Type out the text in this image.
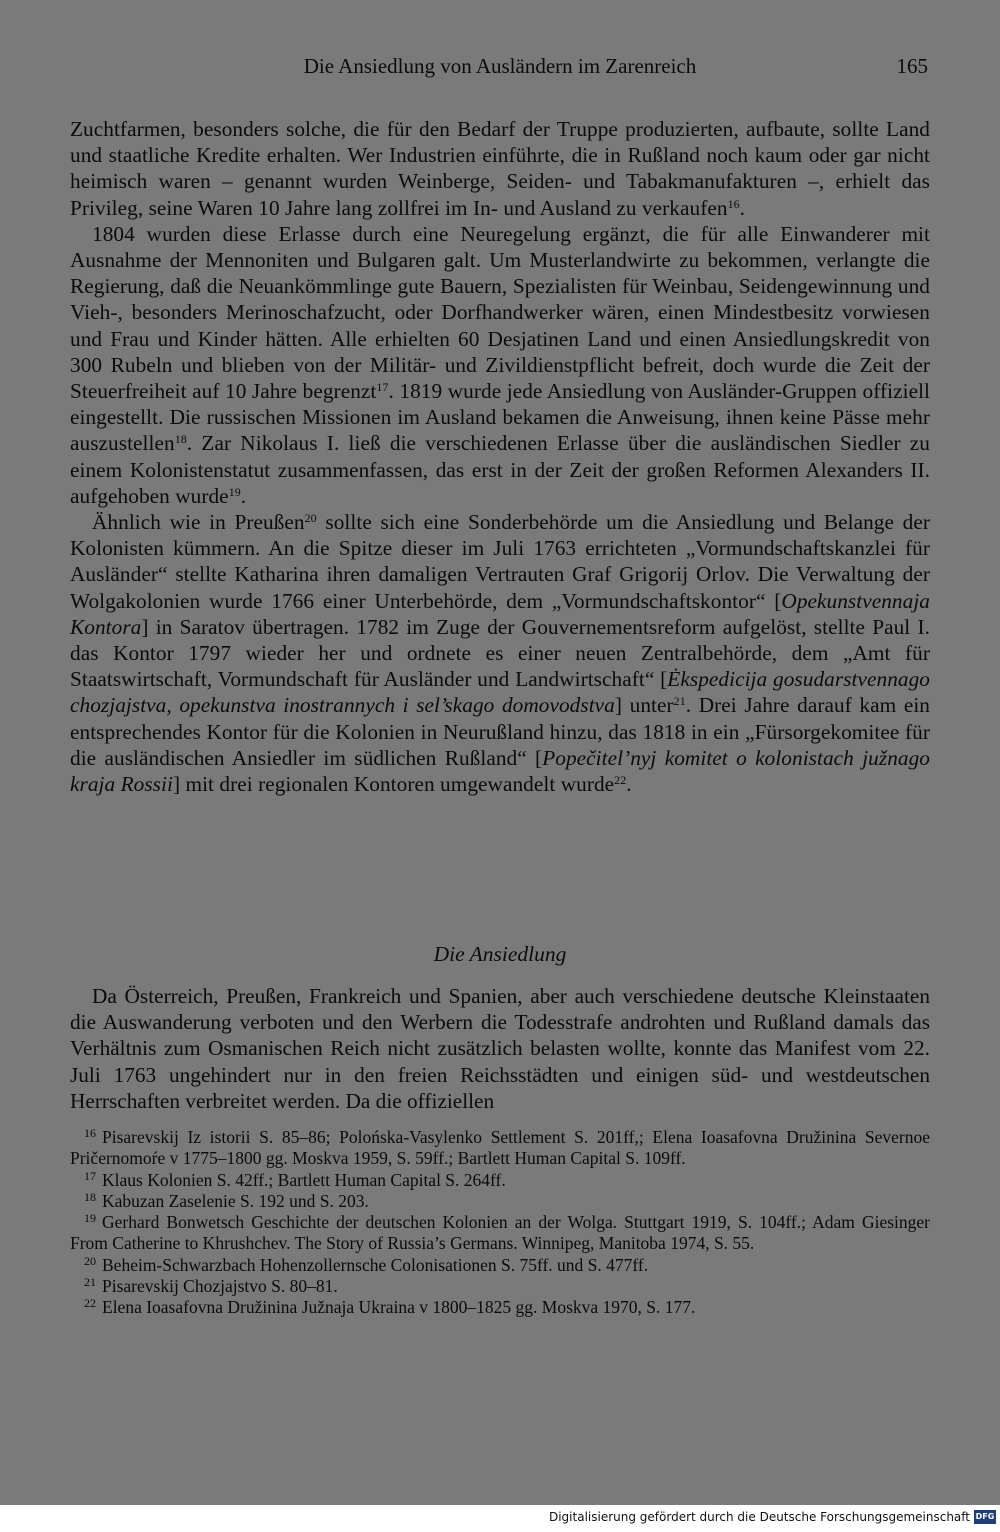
Die Ansiedlung von Ausländern im Zarenreich	165

Zuchtfarmen, besonders solche, die für den Bedarf der Truppe produzierten, aufbaute, sollte Land und staatliche Kredite erhalten. Wer Industrien einführte, die in Rußland noch kaum oder gar nicht heimisch waren – genannt wurden Weinberge, Seiden- und Tabakmanufakturen –, erhielt das Privileg, seine Waren 10 Jahre lang zollfrei im In- und Ausland zu verkaufen$^{16}$.

1804 wurden diese Erlasse durch eine Neuregelung ergänzt, die für alle Einwanderer mit Ausnahme der Mennoniten und Bulgaren galt. Um Musterlandwirte zu bekommen, verlangte die Regierung, daß die Neuankömmlinge gute Bauern, Spezialisten für Weinbau, Seidengewinnung und Vieh-, besonders Merinoschafzucht, oder Dorfhandwerker wären, einen Mindestbesitz vorwiesen und Frau und Kinder hätten. Alle erhielten 60 Desjatinen Land und einen Ansiedlungskredit von 300 Rubeln und blieben von der Militär- und Zivildienstpflicht befreit, doch wurde die Zeit der Steuerfreiheit auf 10 Jahre begrenzt$^{17}$. 1819 wurde jede Ansiedlung von Ausländer-Gruppen offiziell eingestellt. Die russischen Missionen im Ausland bekamen die Anweisung, ihnen keine Pässe mehr auszustellen$^{18}$. Zar Nikolaus I. ließ die verschiedenen Erlasse über die ausländischen Siedler zu einem Kolonistenstatut zusammenfassen, das erst in der Zeit der großen Reformen Alexanders II. aufgehoben wurde$^{19}$.

Ähnlich wie in Preußen$^{20}$ sollte sich eine Sonderbehörde um die Ansiedlung und Belange der Kolonisten kümmern. An die Spitze dieser im Juli 1763 errichteten „Vormundschaftskanzlei für Ausländer“ stellte Katharina ihren damaligen Vertrauten Graf Grigorij Orlov. Die Verwaltung der Wolgakolonien wurde 1766 einer Unterbehörde, dem „Vormundschaftskontor“ [Opekunstvennaja Kontora] in Saratov übertragen. 1782 im Zuge der Gouvernementsreform aufgelöst, stellte Paul I. das Kontor 1797 wieder her und ordnete es einer neuen Zentralbehörde, dem „Amt für Staatswirtschaft, Vormundschaft für Ausländer und Landwirtschaft“ [Ėkspedicija gosudarstvennago chozjajstva, opekunstva inostrannych i sel’skago domovodstva] unter$^{21}$. Drei Jahre darauf kam ein entsprechendes Kontor für die Kolonien in Neurußland hinzu, das 1818 in ein „Fürsorgekomitee für die ausländischen Ansiedler im südlichen Rußland“ [Popečitel’nyj komitet o kolonistach južnago kraja Rossii] mit drei regionalen Kontoren umgewandelt wurde$^{22}$.

Die Ansiedlung

Da Österreich, Preußen, Frankreich und Spanien, aber auch verschiedene deutsche Kleinstaaten die Auswanderung verboten und den Werbern die Todesstrafe androhten und Rußland damals das Verhältnis zum Osmanischen Reich nicht zusätzlich belasten wollte, konnte das Manifest vom 22. Juli 1763 ungehindert nur in den freien Reichsstädten und einigen süd- und westdeutschen Herrschaften verbreitet werden. Da die offiziellen

16 Pisarevskij Iz istorii S. 85–86; Polońska-Vasylenko Settlement S. 201ff,; Elena Ioasafovna Družinina Severnoe Pričernomoŕe v 1775–1800 gg. Moskva 1959, S. 59ff.; Bartlett Human Capital S. 109ff.

17 Klaus Kolonien S. 42ff.; Bartlett Human Capital S. 264ff.

18 Kabuzan Zaselenie S. 192 und S. 203.

19 Gerhard Bonwetsch Geschichte der deutschen Kolonien an der Wolga. Stuttgart 1919, S. 104ff.; Adam Giesinger From Catherine to Khrushchev. The Story of Russia’s Germans. Winnipeg, Manitoba 1974, S. 55.

20 Beheim-Schwarzbach Hohenzollernsche Colonisationen S. 75ff. und S. 477ff.

21 Pisarevskij Chozjajstvo S. 80–81.

22 Elena Ioasafovna Družinina Južnaja Ukraina v 1800–1825 gg. Moskva 1970, S. 177.

Digitalisierung gefördert durch die Deutsche Forschungsgemeinschaft DFG
